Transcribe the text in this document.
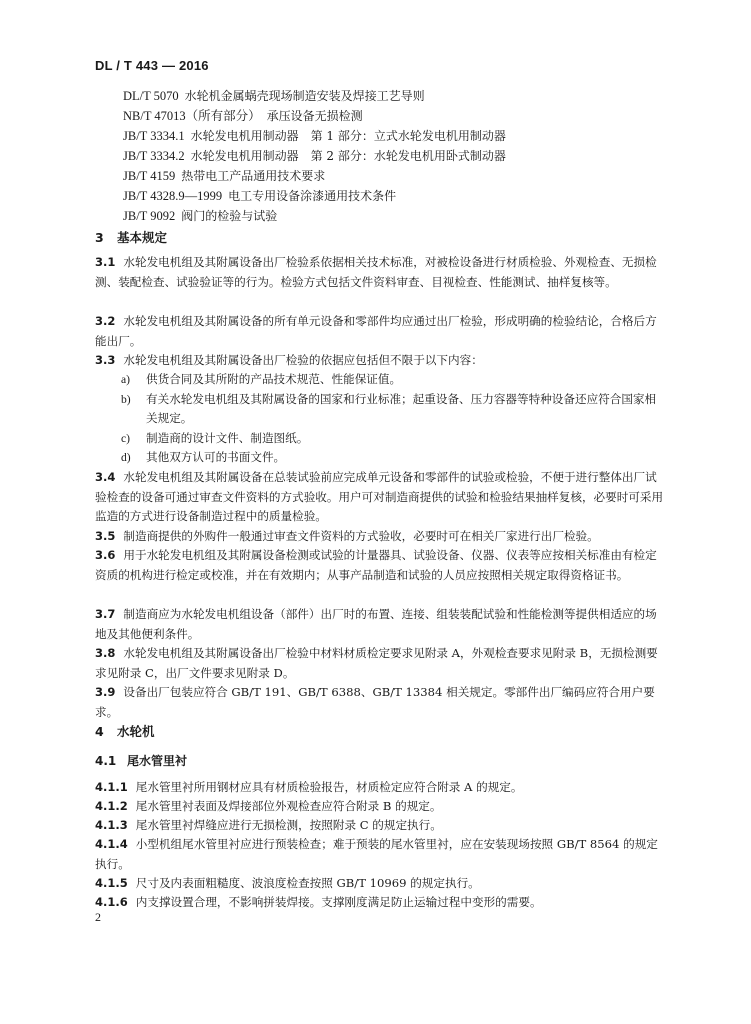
DL / T 443 — 2016
DL/T 5070 水轮机金属蜗壳现场制造安装及焊接工艺导则
NB/T 47013（所有部分） 承压设备无损检测
JB/T 3334.1 水轮发电机用制动器　第 1 部分：立式水轮发电机用制动器
JB/T 3334.2 水轮发电机用制动器　第 2 部分：水轮发电机用卧式制动器
JB/T 4159 热带电工产品通用技术要求
JB/T 4328.9—1999 电工专用设备涂漆通用技术条件
JB/T 9092 阀门的检验与试验
3 基本规定
3.1 水轮发电机组及其附属设备出厂检验系依据相关技术标准，对被检设备进行材质检验、外观检查、无损检测、装配检查、试验验证等的行为。检验方式包括文件资料审查、目视检查、性能测试、抽样复核等。
3.2 水轮发电机组及其附属设备的所有单元设备和零部件均应通过出厂检验，形成明确的检验结论，合格后方能出厂。
3.3 水轮发电机组及其附属设备出厂检验的依据应包括但不限于以下内容：
a)	供货合同及其所附的产品技术规范、性能保证值。
b)	有关水轮发电机组及其附属设备的国家和行业标准；起重设备、压力容器等特种设备还应符合国家相关规定。
c)	制造商的设计文件、制造图纸。
d)	其他双方认可的书面文件。
3.4 水轮发电机组及其附属设备在总装试验前应完成单元设备和零部件的试验或检验，不便于进行整体出厂试验检查的设备可通过审查文件资料的方式验收。用户可对制造商提供的试验和检验结果抽样复核，必要时可采用监造的方式进行设备制造过程中的质量检验。
3.5 制造商提供的外购件一般通过审查文件资料的方式验收，必要时可在相关厂家进行出厂检验。
3.6 用于水轮发电机组及其附属设备检测或试验的计量器具、试验设备、仪器、仪表等应按相关标准由有检定资质的机构进行检定或校准，并在有效期内；从事产品制造和试验的人员应按照相关规定取得资格证书。
3.7 制造商应为水轮发电机组设备（部件）出厂时的布置、连接、组装装配试验和性能检测等提供相适应的场地及其他便利条件。
3.8 水轮发电机组及其附属设备出厂检验中材料材质检定要求见附录 A，外观检查要求见附录 B，无损检测要求见附录 C，出厂文件要求见附录 D。
3.9 设备出厂包装应符合 GB/T 191、GB/T 6388、GB/T 13384 相关规定。零部件出厂编码应符合用户要求。
4 水轮机
4.1 尾水管里衬
4.1.1 尾水管里衬所用钢材应具有材质检验报告，材质检定应符合附录 A 的规定。
4.1.2 尾水管里衬表面及焊接部位外观检查应符合附录 B 的规定。
4.1.3 尾水管里衬焊缝应进行无损检测，按照附录 C 的规定执行。
4.1.4 小型机组尾水管里衬应进行预装检查；难于预装的尾水管里衬，应在安装现场按照 GB/T 8564 的规定执行。
4.1.5 尺寸及内表面粗糙度、波浪度检查按照 GB/T 10969 的规定执行。
4.1.6 内支撑设置合理，不影响拼装焊接。支撑刚度满足防止运输过程中变形的需要。
2
